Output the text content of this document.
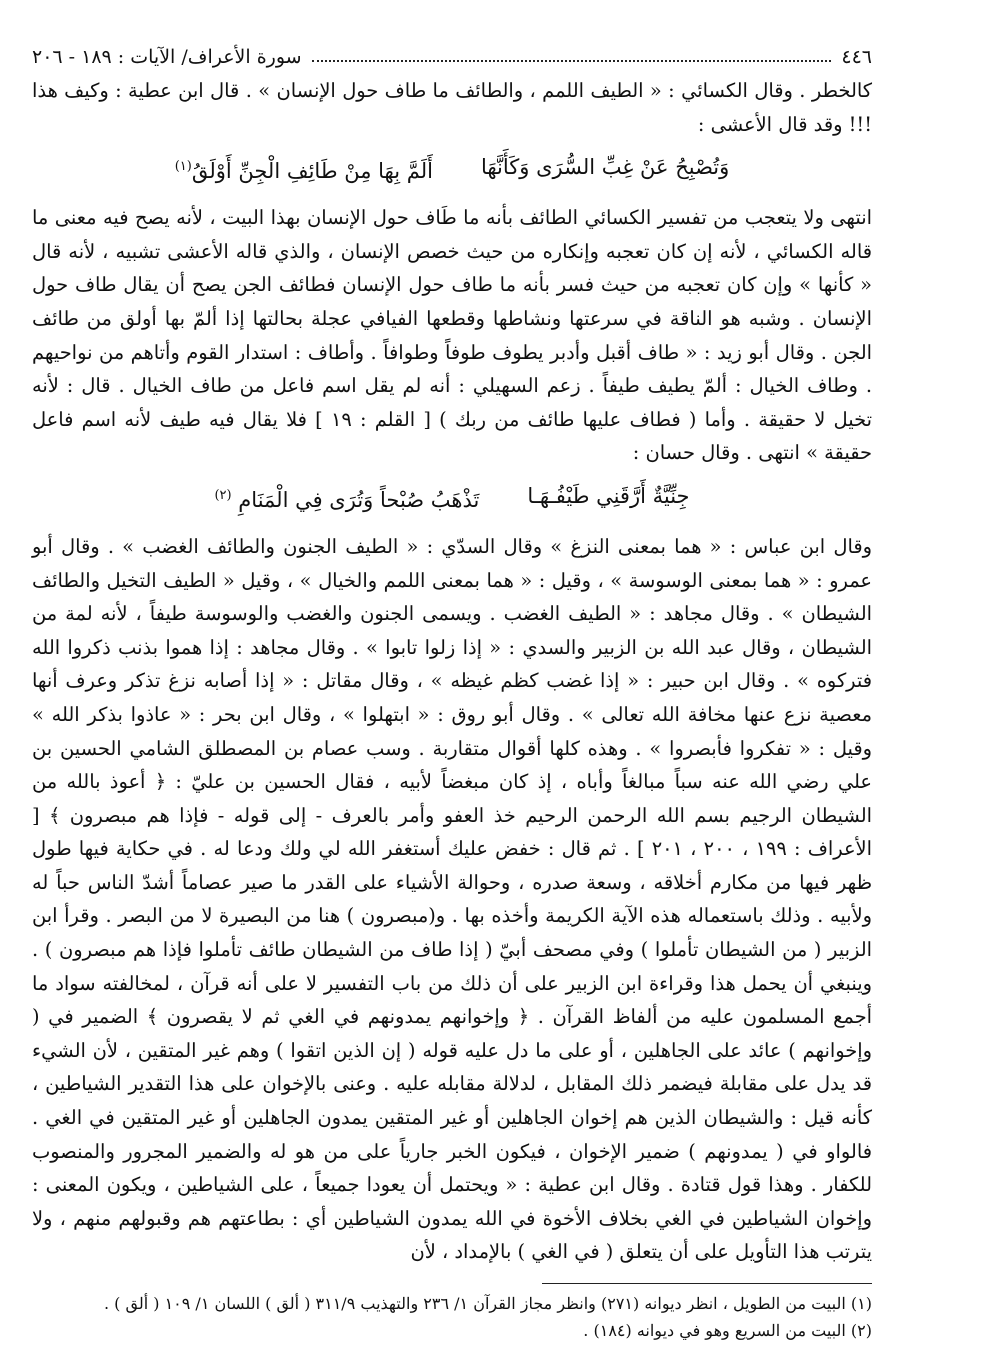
٤٤٦
سورة الأعراف/ الآيات : ١٨٩ - ٢٠٦

كالخطر . وقال الكسائي : « الطيف اللمم ، والطائف ما طاف حول الإنسان » . قال ابن عطية : وكيف هذا !!! وقد قال الأعشى :

وَتُصْبِحُ عَنْ غِبِّ السُّرَى وَكَأَنَّهَا
أَلَمَّ بِهَا مِنْ طَائِفِ الْجِنِّ أَوْلَقُ$^{(١)}$

انتهى ولا يتعجب من تفسير الكسائي الطائف بأنه ما طَاف حول الإنسان بهذا البيت ، لأنه يصح فيه معنى ما قاله الكسائي ، لأنه إن كان تعجبه وإنكاره من حيث خصص الإنسان ، والذي قاله الأعشى تشبيه ، لأنه قال « كأنها » وإن كان تعجبه من حيث فسر بأنه ما طاف حول الإنسان فطائف الجن يصح أن يقال طاف حول الإنسان . وشبه هو الناقة في سرعتها ونشاطها وقطعها الفيافي عجلة بحالتها إذا ألمّ بها أولق من طائف الجن . وقال أبو زيد : « طاف أقبل وأدبر يطوف طوفاً وطوافاً . وأطاف : استدار القوم وأتاهم من نواحيهم . وطاف الخيال : ألمّ يطيف طيفاً . زعم السهيلي : أنه لم يقل اسم فاعل من طاف الخيال . قال : لأنه تخيل لا حقيقة . وأما ( فطاف عليها طائف من ربك ) [ القلم : ١٩ ] فلا يقال فيه طيف لأنه اسم فاعل حقيقة » انتهى . وقال حسان :

جِنِّيَّةٌ أَرَّقَنِي طَيْفُـهَـا
تَذْهَبُ صُبْحاً وَتُرَى فِي الْمَنَامِ $^{(٢)}$

وقال ابن عباس : « هما بمعنى النزغ » وقال السدّي : « الطيف الجنون والطائف الغضب » . وقال أبو عمرو : « هما بمعنى الوسوسة » ، وقيل : « هما بمعنى اللمم والخيال » ، وقيل « الطيف التخيل والطائف الشيطان » . وقال مجاهد : « الطيف الغضب . ويسمى الجنون والغضب والوسوسة طيفاً ، لأنه لمة من الشيطان ، وقال عبد الله بن الزبير والسدي : « إذا زلوا تابوا » . وقال مجاهد : إذا هموا بذنب ذكروا الله فتركوه » . وقال ابن حبير : « إذا غضب كظم غيظه » ، وقال مقاتل : « إذا أصابه نزغ تذكر وعرف أنها معصية نزع عنها مخافة الله تعالى » . وقال أبو روق : « ابتهلوا » ، وقال ابن بحر : « عاذوا بذكر الله » وقيل : « تفكروا فأبصروا » . وهذه كلها أقوال متقاربة . وسب عصام بن المصطلق الشامي الحسين بن علي رضي الله عنه سباً مبالغاً وأباه ، إذ كان مبغضاً لأبيه ، فقال الحسين بن عليّ : ﴿ أعوذ بالله من الشيطان الرجيم بسم الله الرحمن الرحيم خذ العفو وأمر بالعرف - إلى قوله - فإذا هم مبصرون ﴾ [ الأعراف : ١٩٩ ، ٢٠٠ ، ٢٠١ ] . ثم قال : خفض عليك أستغفر الله لي ولك ودعا له . في حكاية فيها طول ظهر فيها من مكارم أخلاقه ، وسعة صدره ، وحوالة الأشياء على القدر ما صير عصاماً أشدّ الناس حباً له ولأبيه . وذلك باستعماله هذه الآية الكريمة وأخذه بها . و(مبصرون ) هنا من البصيرة لا من البصر . وقرأ ابن الزبير ( من الشيطان تأملوا ) وفي مصحف أبيّ ( إذا طاف من الشيطان طائف تأملوا فإذا هم مبصرون ) . وينبغي أن يحمل هذا وقراءة ابن الزبير على أن ذلك من باب التفسير لا على أنه قرآن ، لمخالفته سواد ما أجمع المسلمون عليه من ألفاظ القرآن . ﴿ وإخوانهم يمدونهم في الغي ثم لا يقصرون ﴾ الضمير في ( وإخوانهم ) عائد على الجاهلين ، أو على ما دل عليه قوله ( إن الذين اتقوا ) وهم غير المتقين ، لأن الشيء قد يدل على مقابلة فيضمر ذلك المقابل ، لدلالة مقابله عليه . وعنى بالإخوان على هذا التقدير الشياطين ، كأنه قيل : والشيطان الذين هم إخوان الجاهلين أو غير المتقين يمدون الجاهلين أو غير المتقين في الغي . فالواو في ( يمدونهم ) ضمير الإخوان ، فيكون الخبر جارياً على من هو له والضمير المجرور والمنصوب للكفار . وهذا قول قتادة . وقال ابن عطية : « ويحتمل أن يعودا جميعاً ، على الشياطين ، ويكون المعنى : وإخوان الشياطين في الغي بخلاف الأخوة في الله يمدون الشياطين أي : بطاعتهم هم وقبولهم منهم ، ولا يترتب هذا التأويل على أن يتعلق ( في الغي ) بالإمداد ، لأن

(١) البيت من الطويل ، انظر ديوانه (٢٧١) وانظر مجاز القرآن ١/ ٢٣٦ والتهذيب ٣١١/٩ ( ألق ) اللسان ١/ ١٠٩ ( ألق ) .

(٢) البيت من السريع وهو في ديوانه (١٨٤) .
